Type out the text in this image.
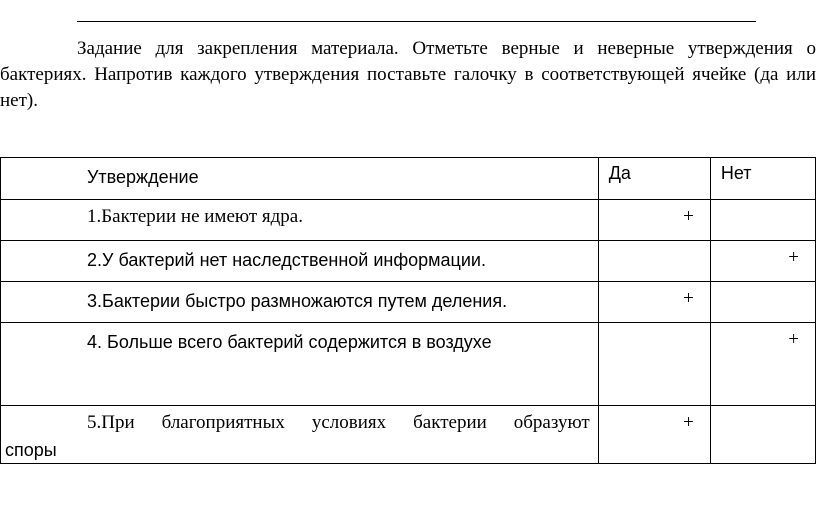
Задание для закрепления материала. Отметьте верные и неверные утверждения о бактериях. Напротив каждого утверждения поставьте галочку в соответствующей ячейке (да или нет).

Утверждение	Да	Нет

1.Бактерии не имеют ядра.	+	

2.У бактерий нет наследственной информации.		+

3.Бактерии быстро размножаются путем деления.	+	

4. Больше всего бактерий содержится в воздухе		+

5.При благоприятных условиях бактерии образуют
споры	+	
